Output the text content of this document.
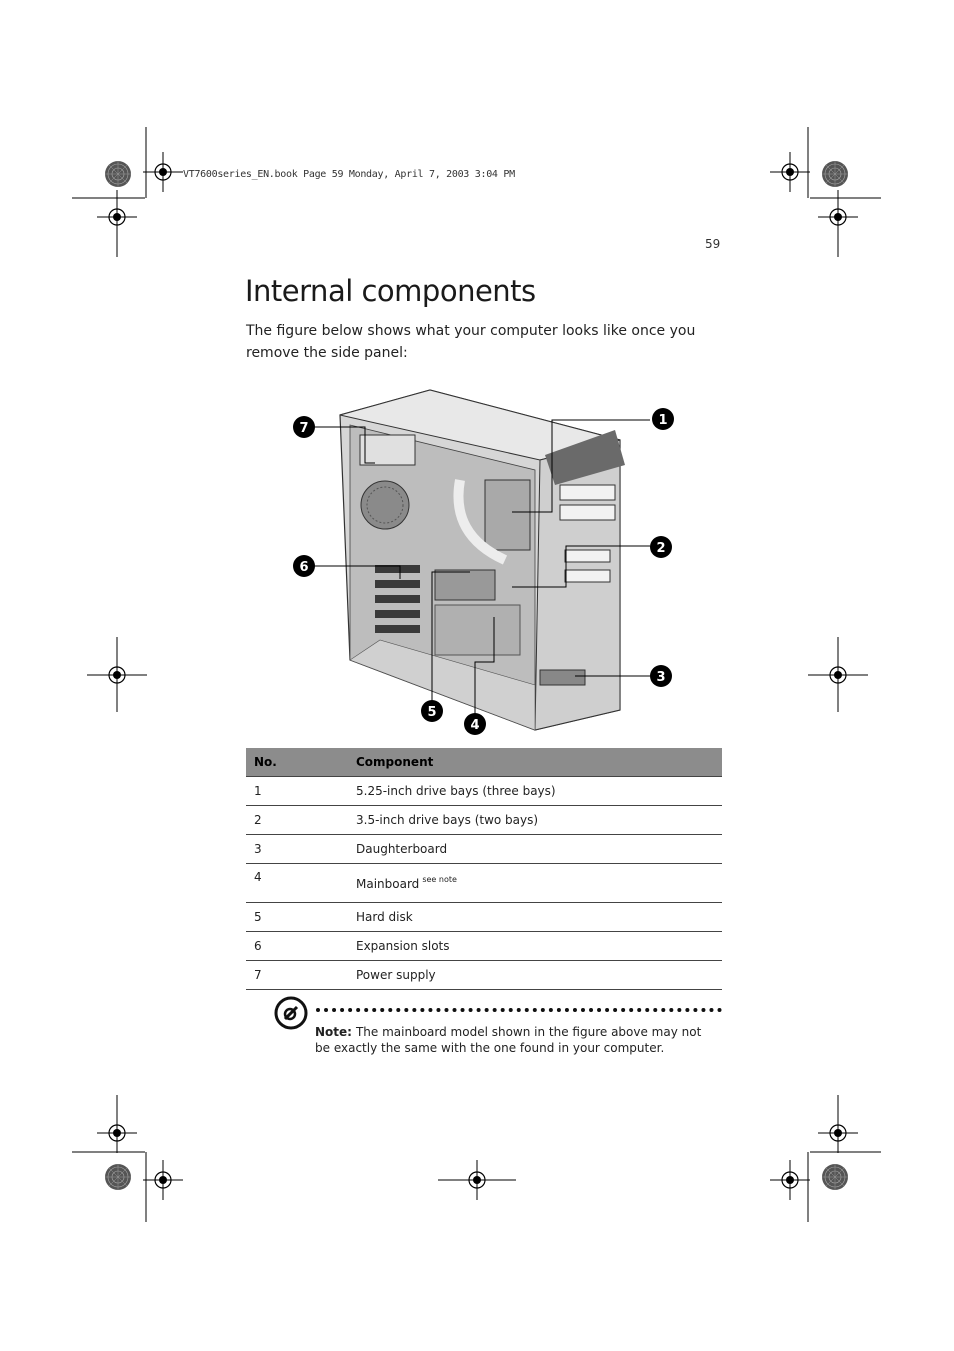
VT7600series_EN.book Page 59 Monday, April 7, 2003 3:04 PM
59
Internal components
The figure below shows what your computer looks like once you remove the side panel:
1
2
3
4
5
6
7
No.	Component
1	5.25-inch drive bays (three bays)
2	3.5-inch drive bays (two bays)
3	Daughterboard
4	Mainboard $^{see note}$
5	Hard disk
6	Expansion slots
7	Power supply
Note: The mainboard model shown in the figure above may not be exactly the same with the one found in your computer.
